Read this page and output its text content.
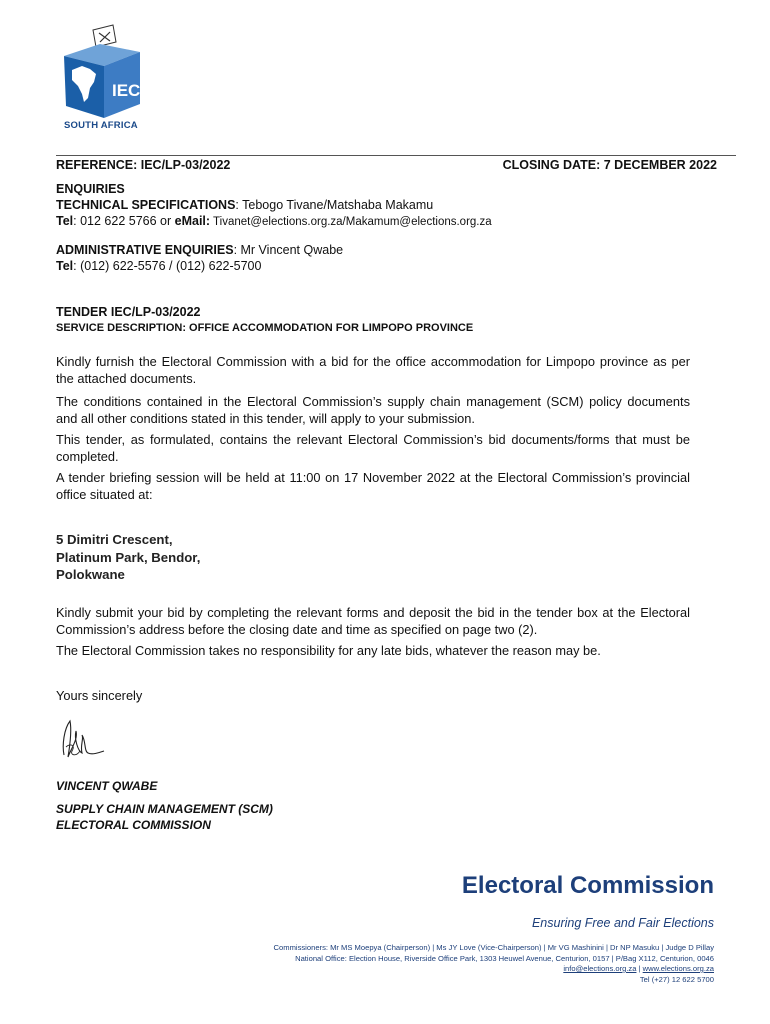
IEC
SOUTH AFRICA
REFERENCE: IEC/LP-03/2022	CLOSING DATE: 7 DECEMBER 2022
ENQUIRIES
TECHNICAL SPECIFICATIONS: Tebogo Tivane/Matshaba Makamu
Tel: 012 622 5766 or eMail: Tivanet@elections.org.za/Makamum@elections.org.za
ADMINISTRATIVE ENQUIRIES: Mr Vincent Qwabe
Tel: (012) 622-5576 / (012) 622-5700
TENDER IEC/LP-03/2022
SERVICE DESCRIPTION: OFFICE ACCOMMODATION FOR LIMPOPO PROVINCE

Kindly furnish the Electoral Commission with a bid for the office accommodation for Limpopo province as per the attached documents.

The conditions contained in the Electoral Commission’s supply chain management (SCM) policy documents and all other conditions stated in this tender, will apply to your submission.

This tender, as formulated, contains the relevant Electoral Commission’s bid documents/forms that must be completed.

A tender briefing session will be held at 11:00 on 17 November 2022 at the Electoral Commission’s provincial office situated at:

5 Dimitri Crescent,
Platinum Park, Bendor,
Polokwane

Kindly submit your bid by completing the relevant forms and deposit the bid in the tender box at the Electoral Commission’s address before the closing date and time as specified on page two (2).

The Electoral Commission takes no responsibility for any late bids, whatever the reason may be.

Yours sincerely
VINCENT QWABE
SUPPLY CHAIN MANAGEMENT (SCM)
ELECTORAL COMMISSION
Electoral Commission
Ensuring Free and Fair Elections
Commissioners: Mr MS Moepya (Chairperson) | Ms JY Love (Vice-Chairperson) | Mr VG Mashinini | Dr NP Masuku | Judge D Pillay
National Office: Election House, Riverside Office Park, 1303 Heuwel Avenue, Centurion, 0157 | P/Bag X112, Centurion, 0046
info@elections.org.za | www.elections.org.za
Tel (+27) 12 622 5700
